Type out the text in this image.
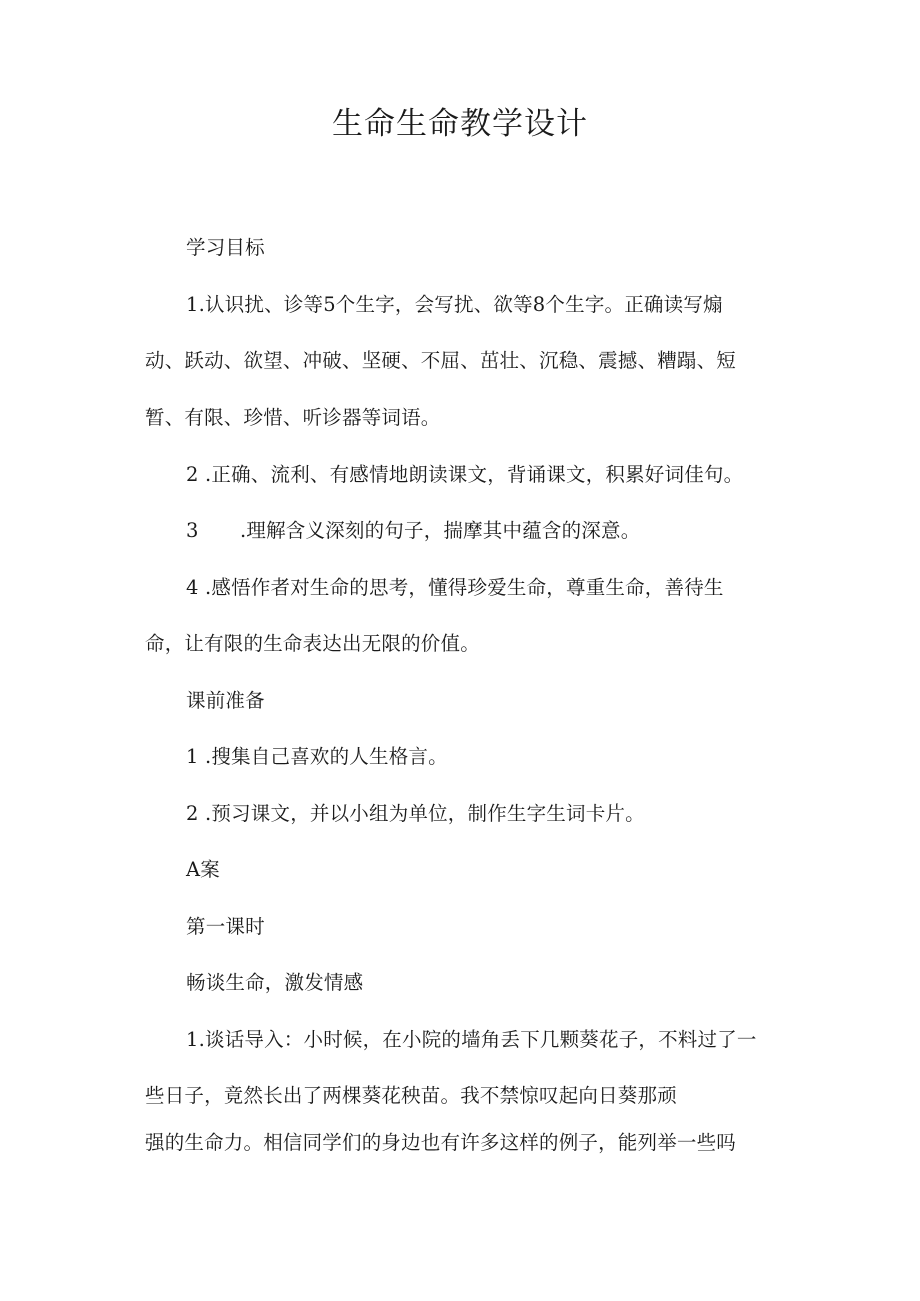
生命生命教学设计
学习目标
1.认识扰、诊等5个生字，会写扰、欲等8个生字。正确读写煽
动、跃动、欲望、冲破、坚硬、不屈、茁壮、沉稳、震撼、糟蹋、短
暂、有限、珍惜、听诊器等词语。
2 .正确、流利、有感情地朗读课文，背诵课文，积累好词佳句。
3 .理解含义深刻的句子，揣摩其中蕴含的深意。
4 .感悟作者对生命的思考，懂得珍爱生命，尊重生命，善待生
命，让有限的生命表达出无限的价值。
课前准备
1 .搜集自己喜欢的人生格言。
2 .预习课文，并以小组为单位，制作生字生词卡片。
A案
第一课时
畅谈生命，激发情感
1.谈话导入：小时候，在小院的墙角丢下几颗葵花子，不料过了一
些日子，竟然长出了两棵葵花秧苗。我不禁惊叹起向日葵那顽
强的生命力。相信同学们的身边也有许多这样的例子，能列举一些吗
